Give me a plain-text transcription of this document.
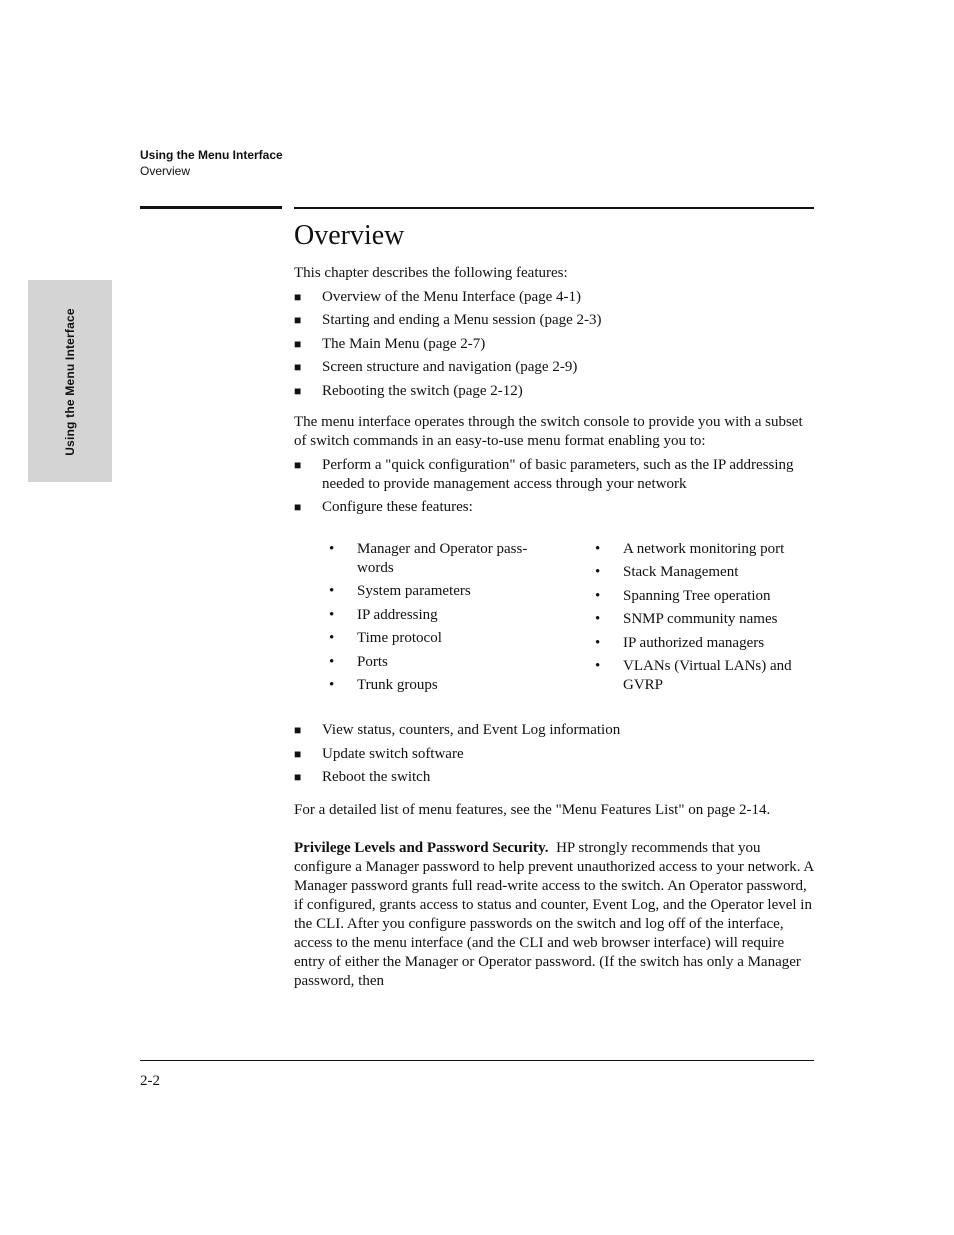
Using the Menu Interface
Overview
Using the Menu Interface
Overview

This chapter describes the following features:

■ Overview of the Menu Interface (page 4-1)
■ Starting and ending a Menu session (page 2-3)
■ The Main Menu (page 2-7)
■ Screen structure and navigation (page 2-9)
■ Rebooting the switch (page 2-12)

The menu interface operates through the switch console to provide you with a subset of switch commands in an easy-to-use menu format enabling you to:

■ Perform a "quick configuration" of basic parameters, such as the IP addressing needed to provide management access through your network
■ Configure these features:
• Manager and Operator pass-words
• System parameters
• IP addressing
• Time protocol
• Ports
• Trunk groups
• A network monitoring port
• Stack Management
• Spanning Tree operation
• SNMP community names
• IP authorized managers
• VLANs (Virtual LANs) and GVRP
■ View status, counters, and Event Log information
■ Update switch software
■ Reboot the switch

For a detailed list of menu features, see the "Menu Features List" on page 2-14.

Privilege Levels and Password Security. HP strongly recommends that you configure a Manager password to help prevent unauthorized access to your network. A Manager password grants full read-write access to the switch. An Operator password, if configured, grants access to status and counter, Event Log, and the Operator level in the CLI. After you configure passwords on the switch and log off of the interface, access to the menu interface (and the CLI and web browser interface) will require entry of either the Manager or Operator password. (If the switch has only a Manager password, then

2-2
